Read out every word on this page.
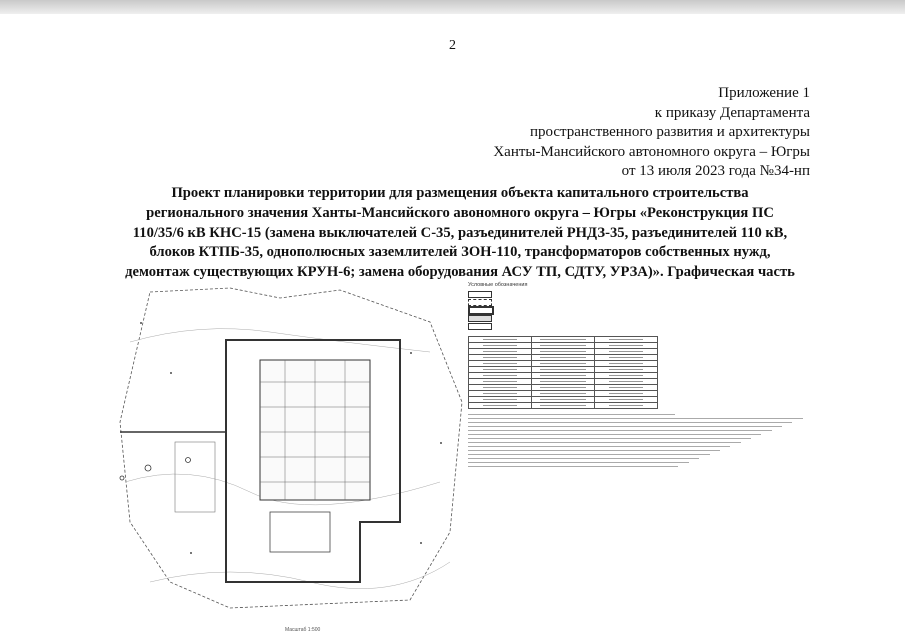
2
Приложение 1
к приказу Департамента
пространственного развития и архитектуры
Ханты-Мансийского автономного округа – Югры
от 13 июля 2023 года №34-нп
Проект планировки территории для размещения объекта капитального строительства
регионального значения Ханты-Мансийского авономного округа – Югры «Реконструкция ПС
110/35/6 кВ КНС-15 (замена выключателей С-35, разъединителей РНДЗ-35, разъединителей 110 кВ,
блоков КТПБ-35, однополюсных заземлителей ЗОН-110, трансформаторов собственных нужд,
демонтаж существующих КРУН-6; замена оборудования АСУ ТП, СДТУ, УРЗА)». Графическая часть
Масштаб 1:500
Условные обозначения
